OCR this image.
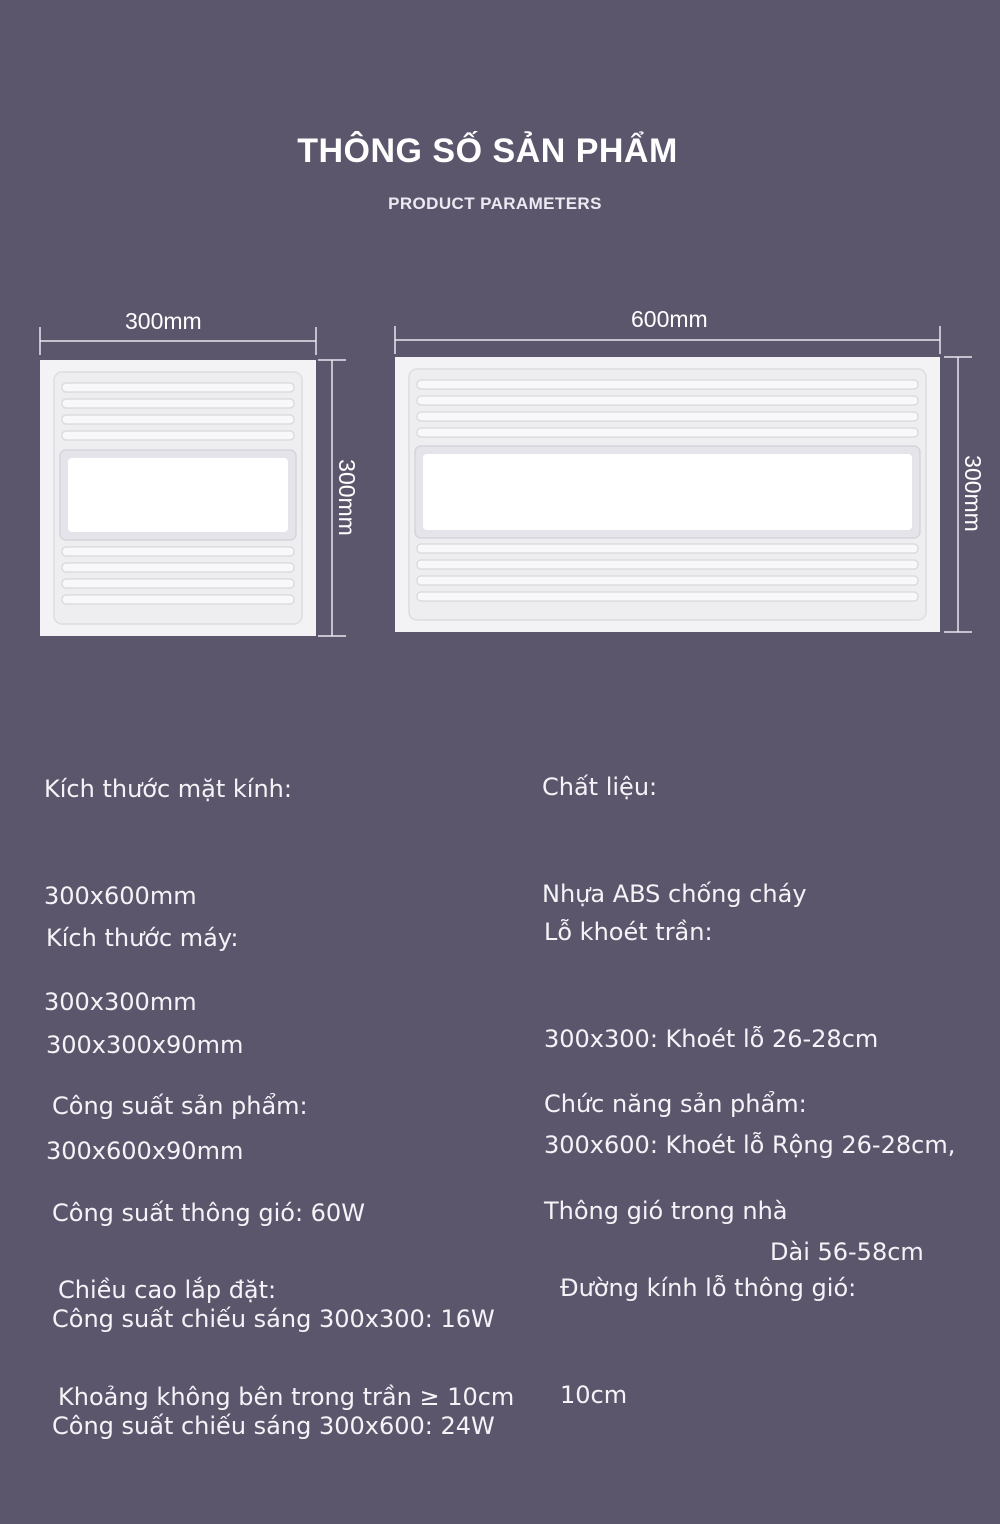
THÔNG SỐ SẢN PHẨM
PRODUCT PARAMETERS
300mm
300mm
600mm
300mm

Kích thước mặt kính:

300x600mm

300x300mm

Chất liệu:

Nhựa ABS chống cháy

Kích thước máy:

300x300x90mm

300x600x90mm

Lỗ khoét trần:

300x300: Khoét lỗ 26-28cm

300x600: Khoét lỗ Rộng 26-28cm,

Dài 56-58cm

Công suất sản phẩm:

Công suất thông gió: 60W

Công suất chiếu sáng 300x300: 16W

Công suất chiếu sáng 300x600: 24W

Chức năng sản phẩm:

Thông gió trong nhà

Chiều cao lắp đặt:

Khoảng không bên trong trần ≥ 10cm

Đường kính lỗ thông gió:

10cm
